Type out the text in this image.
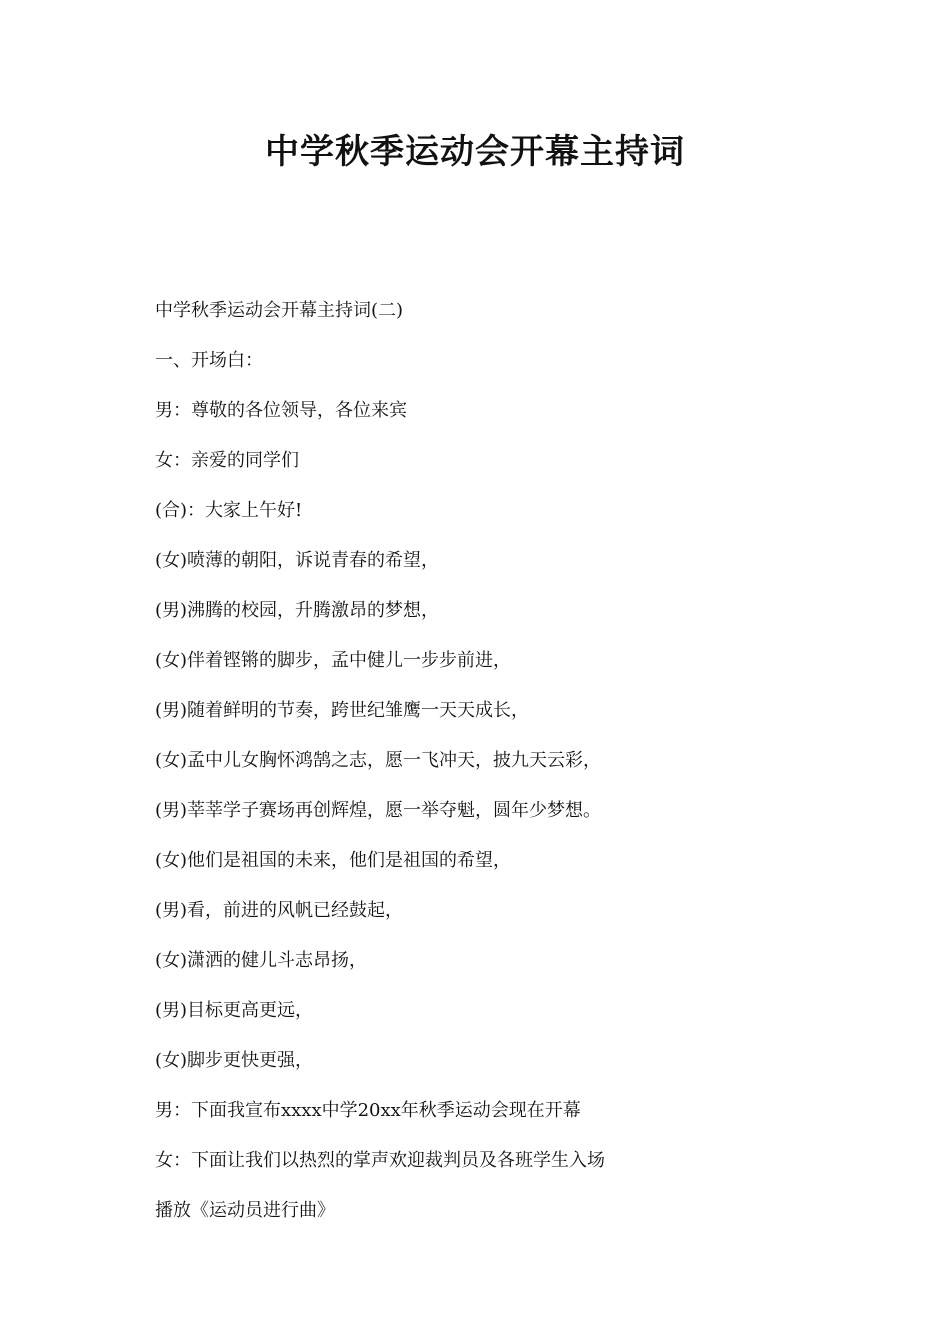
中学秋季运动会开幕主持词
中学秋季运动会开幕主持词(二)
一、开场白：
男：尊敬的各位领导，各位来宾
女：亲爱的同学们
(合)：大家上午好!
(女)喷薄的朝阳，诉说青春的希望，
(男)沸腾的校园，升腾激昂的梦想，
(女)伴着铿锵的脚步，孟中健儿一步步前进，
(男)随着鲜明的节奏，跨世纪雏鹰一天天成长，
(女)孟中儿女胸怀鸿鹄之志，愿一飞冲天，披九天云彩，
(男)莘莘学子赛场再创辉煌，愿一举夺魁，圆年少梦想。
(女)他们是祖国的未来，他们是祖国的希望，
(男)看，前进的风帆已经鼓起，
(女)潇洒的健儿斗志昂扬，
(男)目标更高更远，
(女)脚步更快更强，
男：下面我宣布xxxx中学20xx年秋季运动会现在开幕
女：下面让我们以热烈的掌声欢迎裁判员及各班学生入场
播放《运动员进行曲》
